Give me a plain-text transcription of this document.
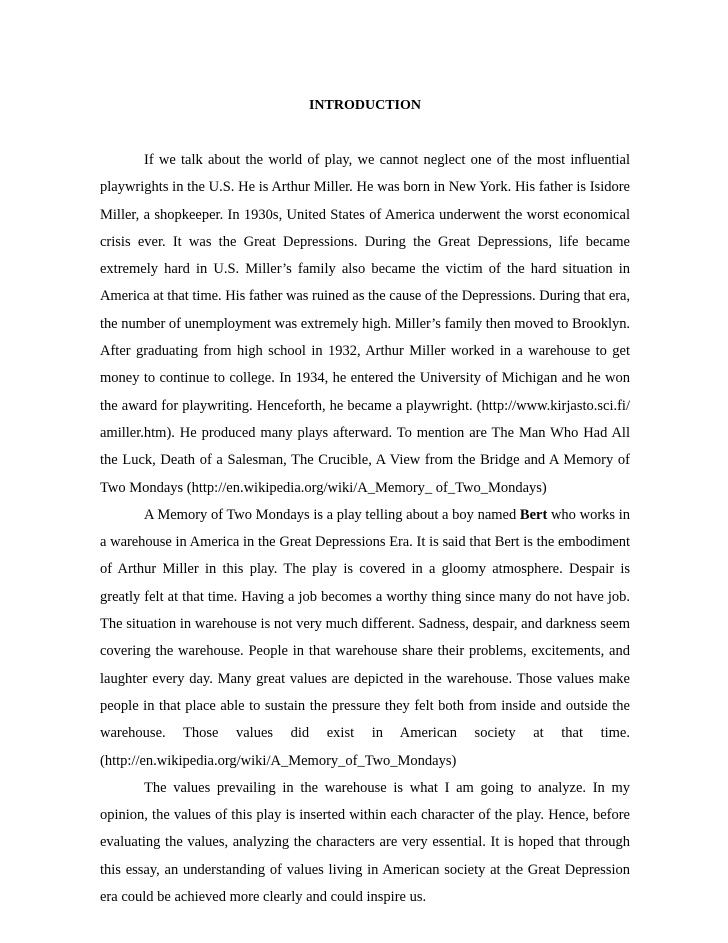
INTRODUCTION
If we talk about the world of play, we cannot neglect one of the most influential
playwrights in the U.S. He is Arthur Miller. He was born in New York. His father is Isidore
Miller, a shopkeeper. In 1930s, United States of America underwent the worst economical
crisis ever. It was the Great Depressions. During the Great Depressions, life became
extremely hard in U.S. Miller’s family also became the victim of the hard situation in
America at that time. His father was ruined as the cause of the Depressions. During that era,
the number of unemployment was extremely high. Miller’s family then moved to Brooklyn.
After graduating from high school in 1932, Arthur Miller worked in a warehouse to get
money to continue to college. In 1934, he entered the University of Michigan and he won
the award for playwriting. Henceforth, he became a playwright. (http://www.kirjasto.sci.fi/
amiller.htm). He produced many plays afterward. To mention are The Man Who Had All
the Luck, Death of a Salesman, The Crucible, A View from the Bridge and A Memory of
Two Mondays (http://en.wikipedia.org/wiki/A_Memory_ of_Two_Mondays)
A Memory of Two Mondays is a play telling about a boy named Bert who works in
a warehouse in America in the Great Depressions Era. It is said that Bert is the embodiment
of Arthur Miller in this play. The play is covered in a gloomy atmosphere. Despair is
greatly felt at that time. Having a job becomes a worthy thing since many do not have job.
The situation in warehouse is not very much different. Sadness, despair, and darkness seem
covering the warehouse. People in that warehouse share their problems, excitements, and
laughter every day. Many great values are depicted in the warehouse. Those values make
people in that place able to sustain the pressure they felt both from inside and outside the
warehouse. Those values did exist in American society at that time.
(http://en.wikipedia.org/wiki/A_Memory_of_Two_Mondays)
The values prevailing in the warehouse is what I am going to analyze. In my
opinion, the values of this play is inserted within each character of the play. Hence, before
evaluating the values, analyzing the characters are very essential. It is hoped that through
this essay, an understanding of values living in American society at the Great Depression
era could be achieved more clearly and could inspire us.
